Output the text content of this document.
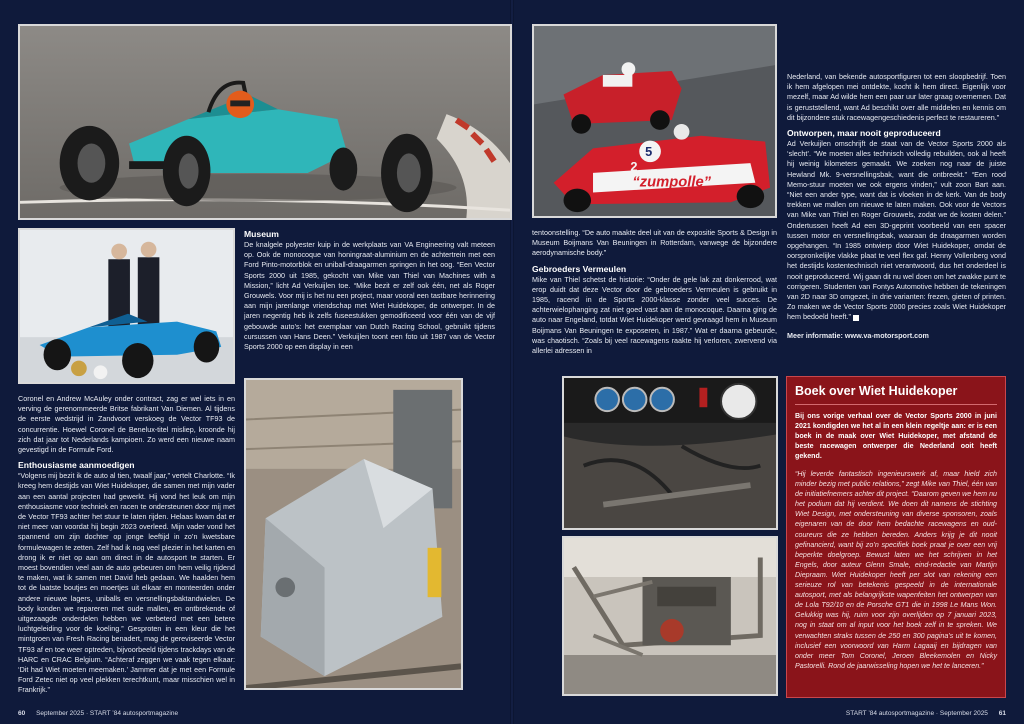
Museum

De knalgele polyester kuip in de werkplaats van VA Engineering valt meteen op. Ook de monocoque van honingraat-aluminium en de achtertrein met een Ford Pinto-motorblok en uniball-draagarmen springen in het oog. “Een Vector Sports 2000 uit 1985, gekocht van Mike van Thiel van Machines with a Mission,” licht Ad Verkuijlen toe. “Mike bezit er zelf ook één, net als Roger Grouwels. Voor mij is het nu een project, maar vooral een tastbare herinnering aan mijn jarenlange vriendschap met Wiet Huidekoper, de ontwerper. In de jaren negentig heb ik zelfs fuseestukken gemodificeerd voor één van de vijf gebouwde auto’s: het exemplaar van Dutch Racing School, gebruikt tijdens cursussen van Hans Deen.” Verkuijlen toont een foto uit 1987 van de Vector Sports 2000 op een display in een

Coronel en Andrew McAuley onder contract, zag er wel iets in en verving de gerenommeerde Britse fabrikant Van Diemen. Al tijdens de eerste wedstrijd in Zandvoort verskoeg de Vector TF93 de concurrentie. Hoewel Coronel de Benelux-titel misliep, kroonde hij zich dat jaar tot Nederlands kampioen. Zo werd een nieuwe naam gevestigd in de Formule Ford.

Enthousiasme aanmoedigen

“Volgens mij bezit ik de auto al tien, twaalf jaar,” vertelt Charlotte. “Ik kreeg hem destijds van Wiet Huidekoper, die samen met mijn vader aan een aantal projecten had gewerkt. Hij vond het leuk om mijn enthousiasme voor techniek en racen te ondersteunen door mij met de Vector TF93 achter het stuur te laten rijden. Helaas kwam dat er niet meer van voordat hij begin 2023 overleed. Mijn vader vond het spannend om zijn dochter op jonge leeftijd in zo’n kwetsbare formulewagen te zetten. Zelf had ik nog veel plezier in het karten en drong ik er niet op aan om direct in de autosport te starten. Er moest bovendien veel aan de auto gebeuren om hem veilig rijdend te maken, wat ik samen met David heb gedaan. We haalden hem tot de laatste boutjes en moertjes uit elkaar en monteerden onder andere nieuwe lagers, uniballs en versnellingsbaktandwielen. De body konden we repareren met oude mallen, en ontbrekende of uitgezaagde onderdelen hebben we verbeterd met een betere luchtgeleiding voor de koeling.” Gesproten in een kleur die het mintgroen van Fresh Racing benadert, mag de gereviseerde Vector TF93 af en toe weer optreden, bijvoorbeeld tijdens trackdays van de HARC en CRAC Belgium. “Achteraf zeggen we vaak tegen elkaar: ‘Dit had Wiet moeten meemaken.’ Jammer dat je met een Formule Ford Zetec niet op veel plekken terechtkunt, maar misschien wel in Frankrijk.”

60 September 2025 · START ’84 autosportmagazine
“zumpolle”
5
2

tentoonstelling. “De auto maakte deel uit van de expositie Sports & Design in Museum Boijmans Van Beuningen in Rotterdam, vanwege de bijzondere aerodynamische body.”

Gebroeders Vermeulen

Mike van Thiel schetst de historie: “Onder de gele lak zat donkerrood, wat erop duidt dat deze Vector door de gebroeders Vermeulen is gebruikt in 1985, racend in de Sports 2000-klasse zonder veel succes. De achterwielophanging zat niet goed vast aan de monocoque. Daarna ging de auto naar Engeland, totdat Wiet Huidekoper werd gevraagd hem in Museum Boijmans Van Beuningen te exposeren, in 1987.” Wat er daarna gebeurde, was chaotisch. “Zoals bij veel racewagens raakte hij verloren, zwervend via allerlei adressen in

Nederland, van bekende autosportfiguren tot een sloopbedrijf. Toen ik hem afgelopen mei ontdekte, kocht ik hem direct. Eigenlijk voor mezelf, maar Ad wilde hem een paar uur later graag overnemen. Dat is geruststellend, want Ad beschikt over alle middelen en kennis om dit bijzondere stuk racewagengeschiedenis perfect te restaureren.”

Ontworpen, maar nooit geproduceerd

Ad Verkuijlen omschrijft de staat van de Vector Sports 2000 als ‘slecht’. “We moeten alles technisch volledig rebuilden, ook al heeft hij weinig kilometers gemaakt. We zoeken nog naar de juiste Hewland Mk. 9-versnellingsbak, want die ontbreekt.” “Een rood Memo-stuur moeten we ook ergens vinden,” vult zoon Bart aan. “Niet een ander type, want dat is vloeken in de kerk. Van de body trekken we mallen om nieuwe te laten maken. Ook voor de Vectors van Mike van Thiel en Roger Grouwels, zodat we de kosten delen.” Ondertussen heeft Ad een 3D-geprint voorbeeld van een spacer tussen motor en versnellingsbak, waaraan de draagarmen worden opgehangen. “In 1985 ontwierp door Wiet Huidekoper, omdat de oorspronkelijke vlakke plaat te veel flex gaf. Henny Vollenberg vond het destijds kostentechnisch niet verantwoord, dus het onderdeel is nooit geproduceerd. Wij gaan dit nu wel doen om het zwakke punt te corrigeren. Studenten van Fontys Automotive hebben de tekeningen van 2D naar 3D omgezet, in drie varianten: frezen, gieten of printen. Zo maken we de Vector Sports 2000 precies zoals Wiet Huidekoper hem bedoeld heeft.”

Meer informatie: www.va-motorsport.com

Boek over Wiet Huidekoper

Bij ons vorige verhaal over de Vector Sports 2000 in juni 2021 kondigden we het al in een klein regeltje aan: er is een boek in de maak over Wiet Huidekoper, met afstand de beste racewagen ontwerper die Nederland ooit heeft gekend.

“Hij leverde fantastisch ingenieurswerk af, maar hield zich minder bezig met public relations,” zegt Mike van Thiel, één van de initiatiefnemers achter dit project. “Daarom geven we hem nu het podium dat hij verdient. We doen dit namens de stichting Wiet Design, met ondersteuning van diverse sponsoren, zoals eigenaren van de door hem bedachte racewagens en oud-coureurs die ze hebben bereden. Anders krijg je dit nooit gefinancierd, want bij zo’n specifiek boek praat je over een vrij beperkte doelgroep. Bewust laten we het schrijven in het Engels, door auteur Glenn Smale, eind-redactie van Martijn Diepraam. Wiet Huidekoper heeft per slot van rekening een serieuze rol van betekenis gespeeld in de internationale autosport, met als belangrijkste wapenfeiten het ontwerpen van de Lola T92/10 en de Porsche GT1 die in 1998 Le Mans Won. Gelukkig was hij, ruim voor zijn overlijden op 7 januari 2023, nog in staat om al input voor het boek zelf in te spreken. We verwachten straks tussen de 250 en 300 pagina’s uit te komen, inclusief een voorwoord van Harm Lagaaij en bijdragen van onder meer Tom Coronel, Jeroen Bleekemolen en Nicky Pastorelli. Rond de jaarwisseling hopen we het te lanceren.”

START ’84 autosportmagazine · September 2025 61
